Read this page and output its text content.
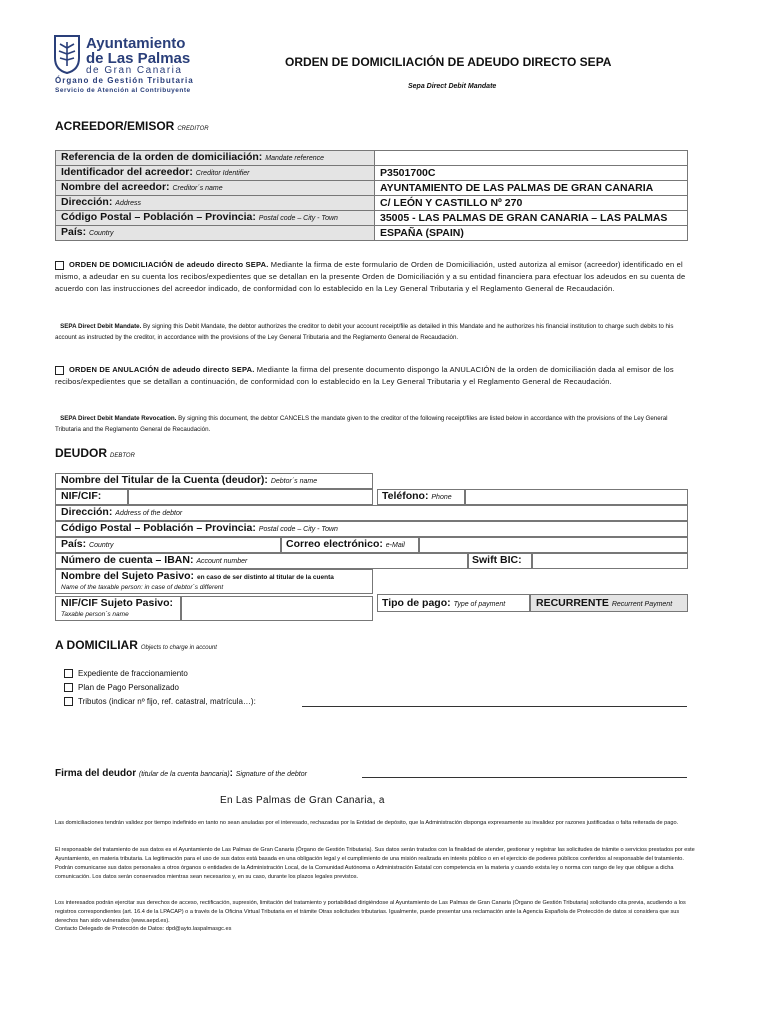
Ayuntamiento
de Las Palmas
de Gran Canaria
Órgano de Gestión Tributaria
Servicio de Atención al Contribuyente
ORDEN DE DOMICILIACIÓN DE ADEUDO DIRECTO SEPA
Sepa Direct Debit Mandate
ACREEDOR/EMISOR CREDITOR
Referencia de la orden de domiciliación: Mandate reference	
Identificador del acreedor: Creditor Identifier	P3501700C
Nombre del acreedor: Creditor´s name	AYUNTAMIENTO DE LAS PALMAS DE GRAN CANARIA
Dirección: Address	C/ LEÓN Y CASTILLO Nº 270
Código Postal – Población – Provincia: Postal code – City - Town	35005 - LAS PALMAS DE GRAN CANARIA – LAS PALMAS
País: Country	ESPAÑA (SPAIN)
ORDEN DE DOMICILIACIÓN de adeudo directo SEPA. Mediante la firma de este formulario de Orden de Domiciliación, usted autoriza al emisor (acreedor) identificado en el mismo, a adeudar en su cuenta los recibos/expedientes que se detallan en la presente Orden de Domiciliación y a su entidad financiera para efectuar los adeudos en su cuenta de acuerdo con las instrucciones del acreedor indicado, de conformidad con lo establecido en la Ley General Tributaria y el Reglamento General de Recaudación.
SEPA Direct Debit Mandate. By signing this Debit Mandate, the debtor authorizes the creditor to debit your account receipt/file as detailed in this Mandate and he authorizes his financial institution to charge such debits to his account as instructed by the creditor, in accordance with the provisions of the Ley General Tributaria and the Reglamento General de Recaudación.
ORDEN DE ANULACIÓN de adeudo directo SEPA. Mediante la firma del presente documento dispongo la ANULACIÓN de la orden de domiciliación dada al emisor de los recibos/expedientes que se detallan a continuación, de conformidad con lo establecido en la Ley General Tributaria y el Reglamento General de Recaudación.
SEPA Direct Debit Mandate Revocation. By signing this document, the debtor CANCELS the mandate given to the creditor of the following receipt/files are listed below in accordance with the provisions of the Ley General Tributaria and the Reglamento General de Recaudación.
DEUDOR DEBTOR
Nombre del Titular de la Cuenta (deudor): Debtor´s name
NIF/CIF:	Teléfono: Phone
Dirección: Address of the debtor
Código Postal – Población – Provincia: Postal code – City - Town
País: Country	Correo electrónico: e-Mail
Número de cuenta – IBAN: Account number	Swift BIC:
Nombre del Sujeto Pasivo: en caso de ser distinto al titular de la cuenta
Name of the taxable person: in case of debtor´s different
NIF/CIF Sujeto Pasivo:
Taxable person´s name
Tipo de pago: Type of payment	RECURRENTE Recurrent Payment
A DOMICILIAR Objects to charge in account
Expediente de fraccionamiento
Plan de Pago Personalizado
Tributos (indicar nº fijo, ref. catastral, matrícula…):
Firma del deudor (titular de la cuenta bancaria): Signature of the debtor
En Las Palmas de Gran Canaria, a
Las domiciliaciones tendrán validez por tiempo indefinido en tanto no sean anuladas por el interesado, rechazadas por la Entidad de depósito, que la Administración disponga expresamente su invalidez por razones justificadas o falta reiterada de pago.
El responsable del tratamiento de sus datos es el Ayuntamiento de Las Palmas de Gran Canaria (Órgano de Gestión Tributaria). Sus datos serán tratados con la finalidad de atender, gestionar y registrar las solicitudes de trámite o servicios prestados por este Ayuntamiento, en materia tributaria. La legitimación para el uso de sus datos está basada en una obligación legal y el cumplimiento de una misión realizada en interés público o en el ejercicio de poderes públicos conferidos al responsable del tratamiento. Podrán comunicarse sus datos personales a otros órganos o entidades de la Administración Local, de la Comunidad Autónoma o Administración Estatal con competencia en la materia y cuando exista ley o norma con rango de ley que obligue a dicha comunicación. Los datos serán conservados mientras sean necesarios y, en su caso, durante los plazos legales previstos.
Los interesados podrán ejercitar sus derechos de acceso, rectificación, supresión, limitación del tratamiento y portabilidad dirigiéndose al Ayuntamiento de Las Palmas de Gran Canaria (Órgano de Gestión Tributaria) solicitando cita previa, acudiendo a los registros correspondientes (art. 16.4 de la LPACAP) o a través de la Oficina Virtual Tributaria en el trámite Otras solicitudes tributarias. Igualmente, puede presentar una reclamación ante la Agencia Española de Protección de datos si considera que sus derechos han sido vulnerados (www.aepd.es).
Contacto Delegado de Protección de Datos: dpd@ayto.laspalmasgc.es
